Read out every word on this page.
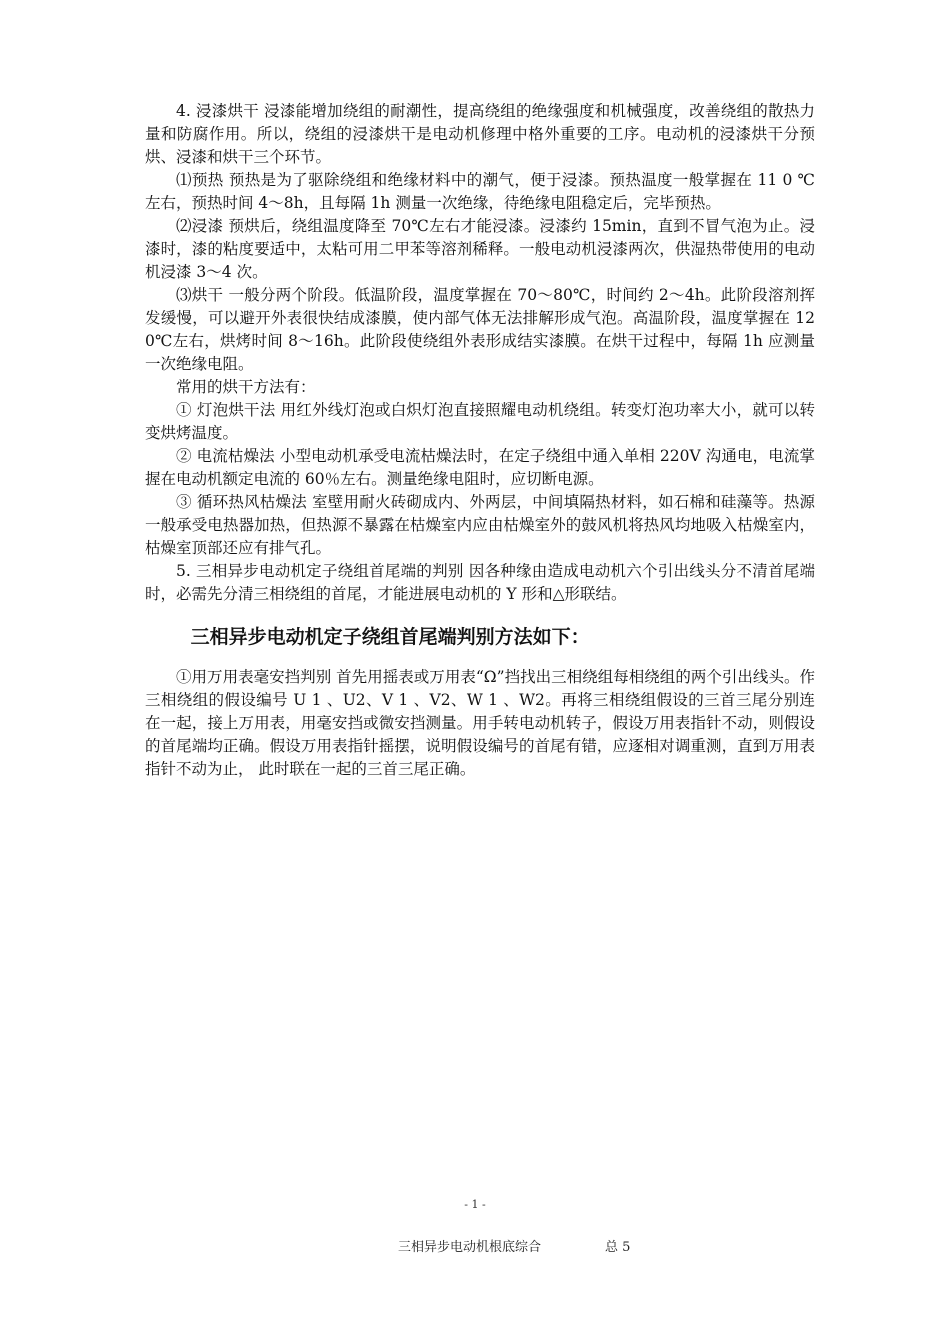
4. 浸漆烘干 浸漆能增加绕组的耐潮性，提高绕组的绝缘强度和机械强度，改善绕组的散热力量和防腐作用。所以，绕组的浸漆烘干是电动机修理中格外重要的工序。电动机的浸漆烘干分预烘、浸漆和烘干三个环节。

⑴预热 预热是为了驱除绕组和绝缘材料中的潮气，便于浸漆。预热温度一般掌握在 11 0 ℃左右，预热时间 4～8h，且每隔 1h 测量一次绝缘，待绝缘电阻稳定后，完毕预热。

⑵浸漆 预烘后，绕组温度降至 70℃左右才能浸漆。浸漆约 15min，直到不冒气泡为止。浸漆时，漆的粘度要适中，太粘可用二甲苯等溶剂稀释。一般电动机浸漆两次，供湿热带使用的电动机浸漆 3～4 次。

⑶烘干 一般分两个阶段。低温阶段，温度掌握在 70～80℃，时间约 2～4h。此阶段溶剂挥发缓慢，可以避开外表很快结成漆膜，使内部气体无法排解形成气泡。高温阶段，温度掌握在 120℃左右，烘烤时间 8～16h。此阶段使绕组外表形成结实漆膜。在烘干过程中，每隔 1h 应测量一次绝缘电阻。

常用的烘干方法有：

① 灯泡烘干法 用红外线灯泡或白炽灯泡直接照耀电动机绕组。转变灯泡功率大小，就可以转变烘烤温度。

② 电流枯燥法 小型电动机承受电流枯燥法时，在定子绕组中通入单相 220V 沟通电，电流掌握在电动机额定电流的 60％左右。测量绝缘电阻时，应切断电源。

③ 循环热风枯燥法 室壁用耐火砖砌成内、外两层，中间填隔热材料，如石棉和硅藻等。热源一般承受电热器加热，但热源不暴露在枯燥室内应由枯燥室外的鼓风机将热风均地吸入枯燥室内，枯燥室顶部还应有排气孔。

5. 三相异步电动机定子绕组首尾端的判别 因各种缘由造成电动机六个引出线头分不清首尾端时，必需先分清三相绕组的首尾，才能进展电动机的 Y 形和△形联结。

三相异步电动机定子绕组首尾端判别方法如下：

①用万用表毫安挡判别 首先用摇表或万用表“Ω”挡找出三相绕组每相绕组的两个引出线头。作三相绕组的假设编号 U 1 、U2、V 1 、V2、W 1 、W2。再将三相绕组假设的三首三尾分别连在一起，接上万用表，用毫安挡或微安挡测量。用手转电动机转子，假设万用表指针不动，则假设的首尾端均正确。假设万用表指针摇摆，说明假设编号的首尾有错，应逐相对调重测，直到万用表指针不动为止， 此时联在一起的三首三尾正确。

- 1 -
三相异步电动机根底综合	总 5
